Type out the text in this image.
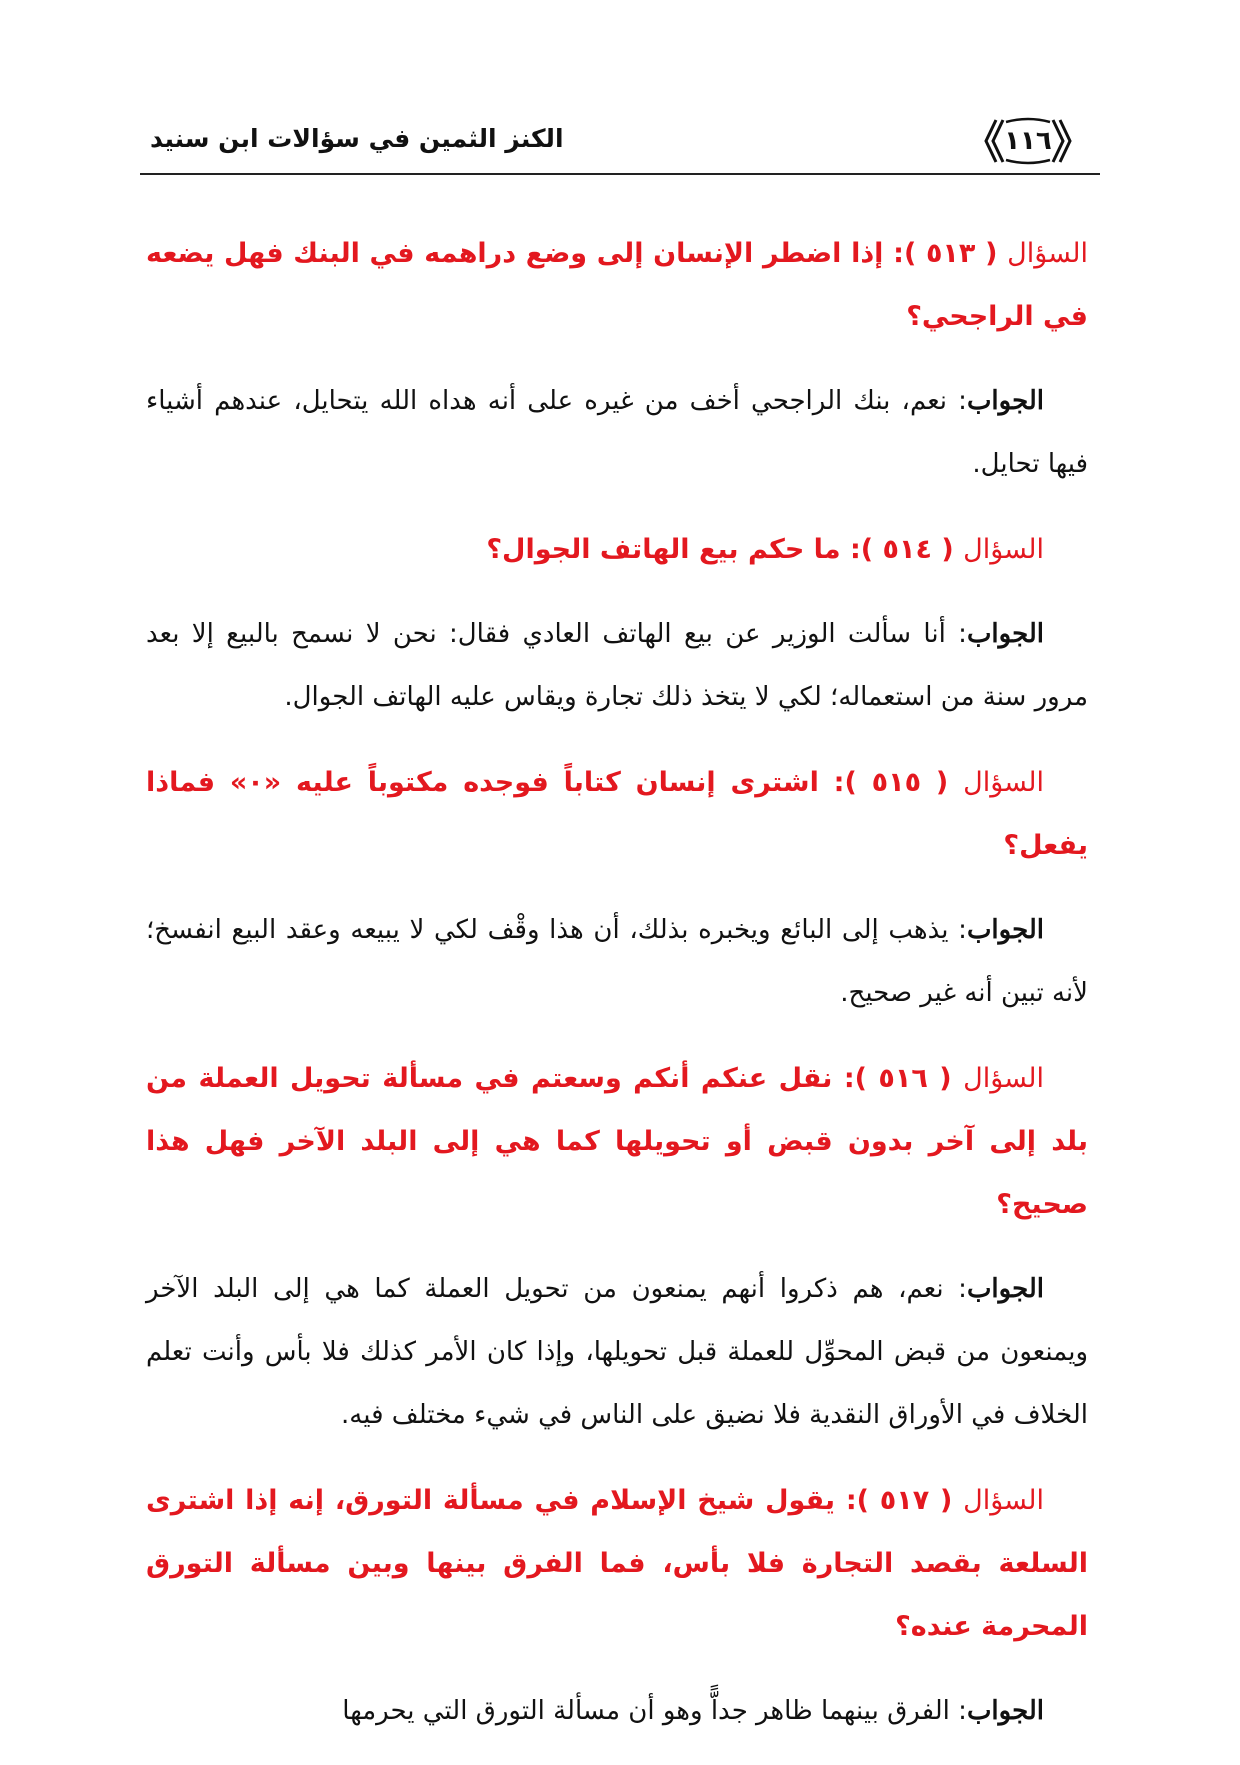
الكنز الثمين في سؤالات ابن سنيد	١١٦

السؤال ( ٥١٣ ): إذا اضطر الإنسان إلى وضع دراهمه في البنك فهل يضعه في الراجحي؟

الجواب: نعم، بنك الراجحي أخف من غيره على أنه هداه الله يتحايل، عندهم أشياء فيها تحايل.

السؤال ( ٥١٤ ): ما حكم بيع الهاتف الجوال؟

الجواب: أنا سألت الوزير عن بيع الهاتف العادي فقال: نحن لا نسمح بالبيع إلا بعد مرور سنة من استعماله؛ لكي لا يتخذ ذلك تجارة ويقاس عليه الهاتف الجوال.

السؤال ( ٥١٥ ): اشترى إنسان كتاباً فوجده مكتوباً عليه «٠» فماذا يفعل؟

الجواب: يذهب إلى البائع ويخبره بذلك، أن هذا وقْف لكي لا يبيعه وعقد البيع انفسخ؛ لأنه تبين أنه غير صحيح.

السؤال ( ٥١٦ ): نقل عنكم أنكم وسعتم في مسألة تحويل العملة من بلد إلى آخر بدون قبض أو تحويلها كما هي إلى البلد الآخر فهل هذا صحيح؟

الجواب: نعم، هم ذكروا أنهم يمنعون من تحويل العملة كما هي إلى البلد الآخر ويمنعون من قبض المحوِّل للعملة قبل تحويلها، وإذا كان الأمر كذلك فلا بأس وأنت تعلم الخلاف في الأوراق النقدية فلا نضيق على الناس في شيء مختلف فيه.

السؤال ( ٥١٧ ): يقول شيخ الإسلام في مسألة التورق، إنه إذا اشترى السلعة بقصد التجارة فلا بأس، فما الفرق بينها وبين مسألة التورق المحرمة عنده؟

الجواب: الفرق بينهما ظاهر جداًّ وهو أن مسألة التورق التي يحرمها
